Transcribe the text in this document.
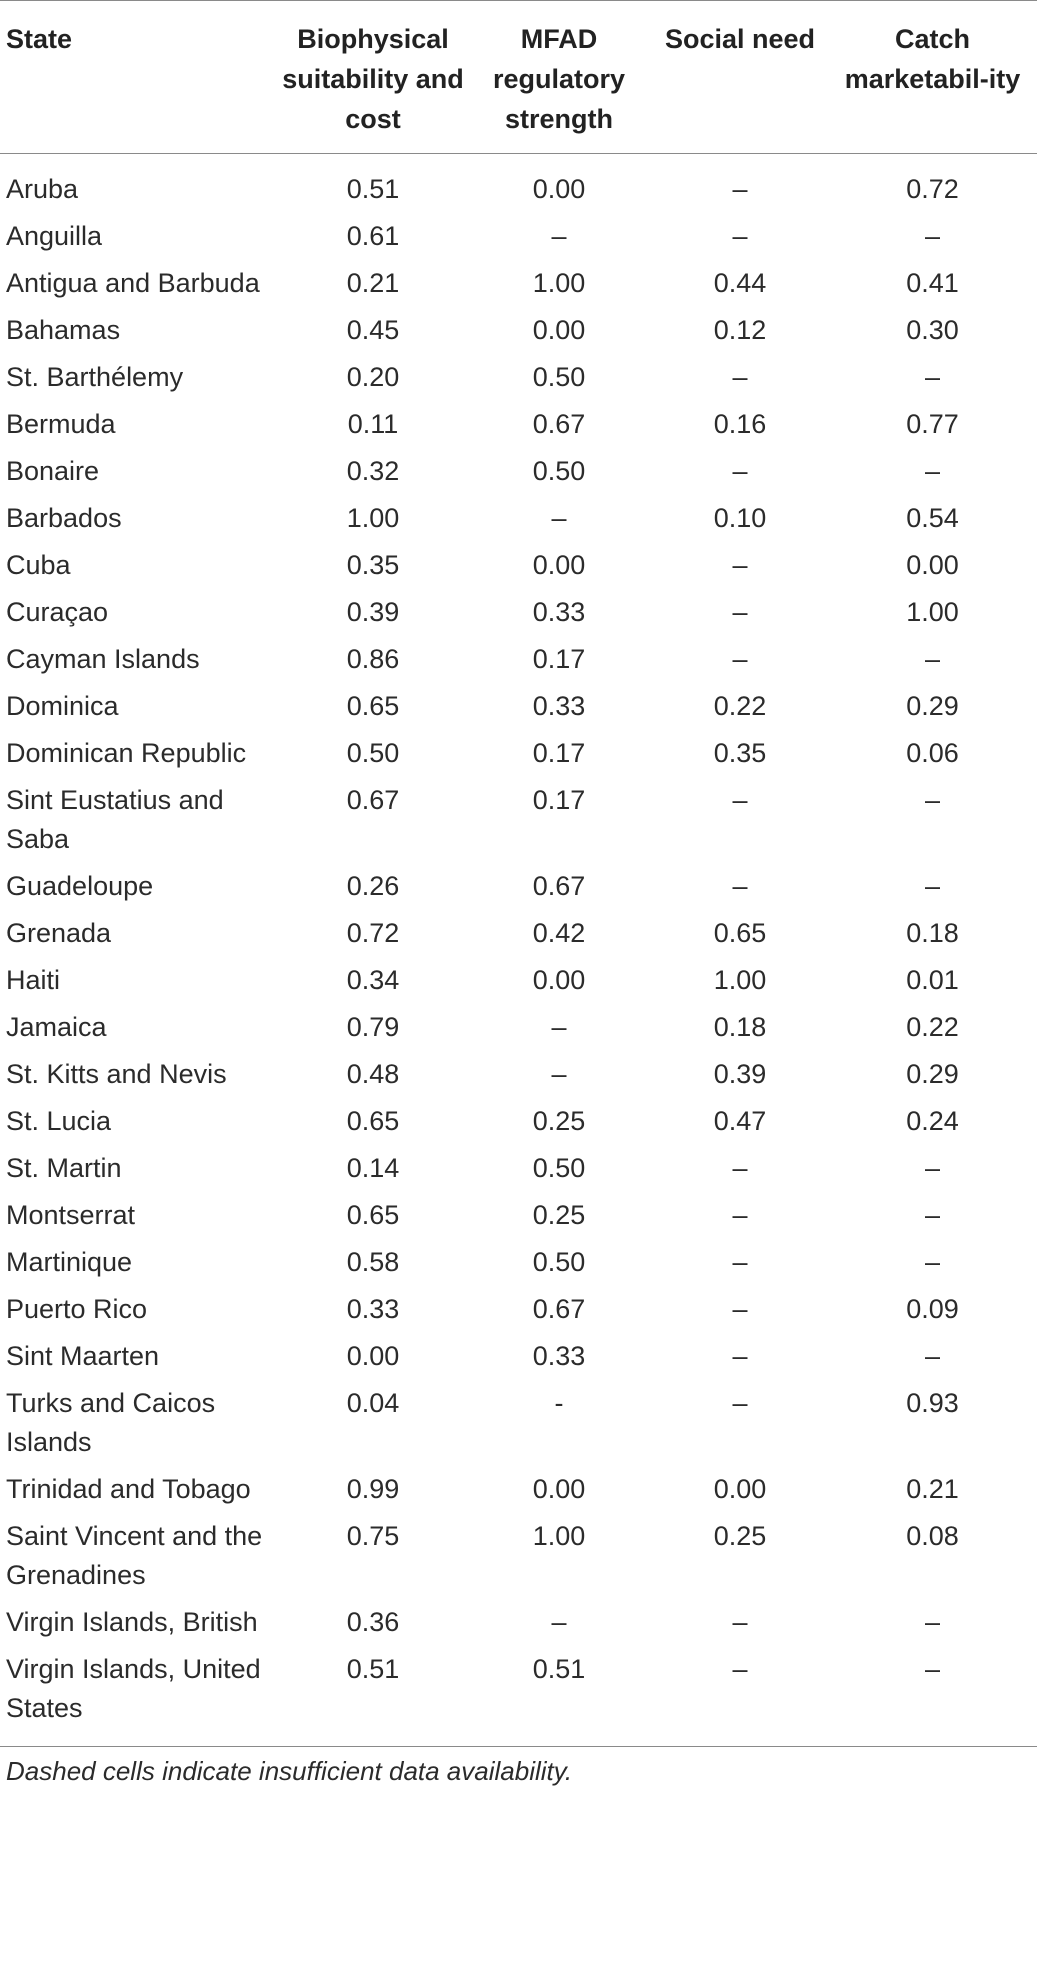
State	Biophysical suitability and cost	MFAD regulatory strength	Social need	Catch marketabil-ity
Aruba	0.51	0.00	–	0.72
Anguilla	0.61	–	–	–
Antigua and Barbuda	0.21	1.00	0.44	0.41
Bahamas	0.45	0.00	0.12	0.30
St. Barthélemy	0.20	0.50	–	–
Bermuda	0.11	0.67	0.16	0.77
Bonaire	0.32	0.50	–	–
Barbados	1.00	–	0.10	0.54
Cuba	0.35	0.00	–	0.00
Curaçao	0.39	0.33	–	1.00
Cayman Islands	0.86	0.17	–	–
Dominica	0.65	0.33	0.22	0.29
Dominican Republic	0.50	0.17	0.35	0.06
Sint Eustatius and Saba	0.67	0.17	–	–
Guadeloupe	0.26	0.67	–	–
Grenada	0.72	0.42	0.65	0.18
Haiti	0.34	0.00	1.00	0.01
Jamaica	0.79	–	0.18	0.22
St. Kitts and Nevis	0.48	–	0.39	0.29
St. Lucia	0.65	0.25	0.47	0.24
St. Martin	0.14	0.50	–	–
Montserrat	0.65	0.25	–	–
Martinique	0.58	0.50	–	–
Puerto Rico	0.33	0.67	–	0.09
Sint Maarten	0.00	0.33	–	–
Turks and Caicos Islands	0.04	-	–	0.93
Trinidad and Tobago	0.99	0.00	0.00	0.21
Saint Vincent and the Grenadines	0.75	1.00	0.25	0.08
Virgin Islands, British	0.36	–	–	–
Virgin Islands, United States	0.51	0.51	–	–
Dashed cells indicate insufficient data availability.				
